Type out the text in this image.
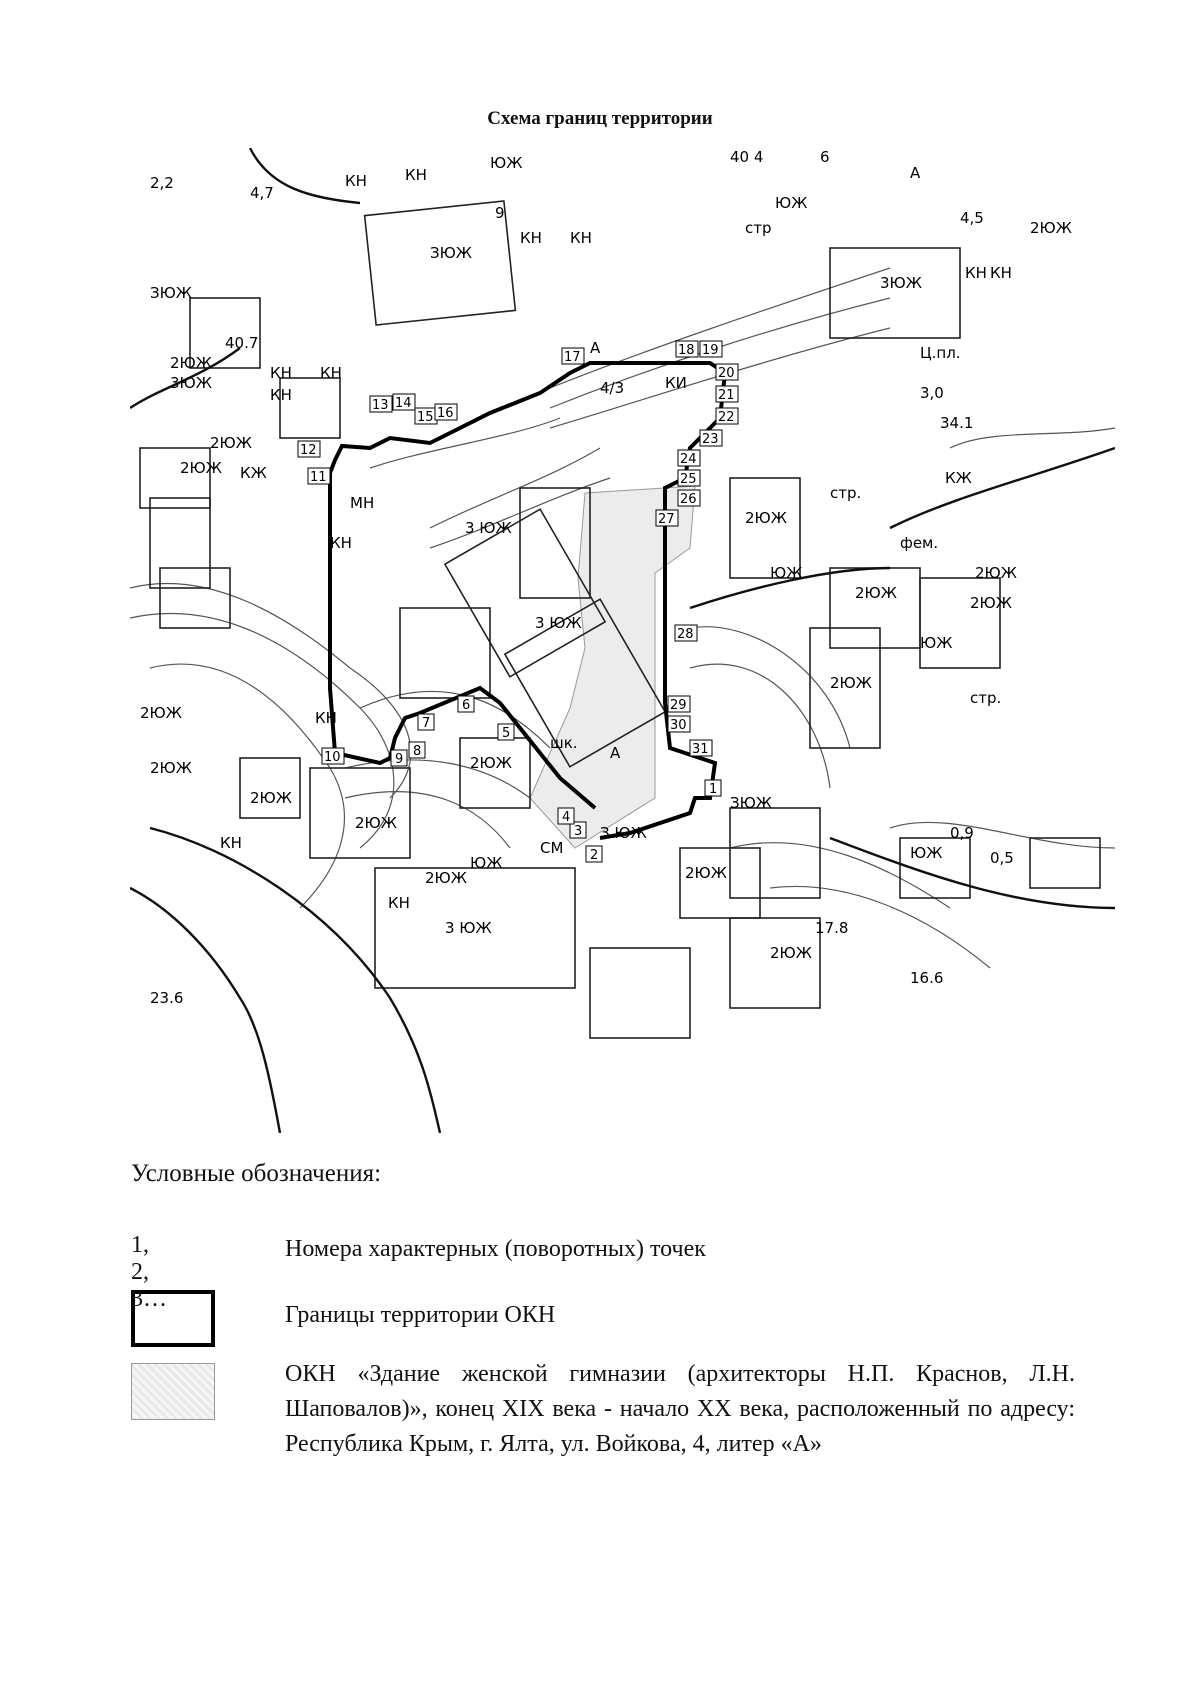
Схема границ территории
1
2
3
4
5
6
7
8
9
10
11
12
13 14
15 16
17	18 19
20
21
22
23
24
25
26
27
28
29
30
31
2,2
4,7
КН	КН
ЮЖ
ЗЮЖ
КН
9
КН
стр
ЮЖ
40 4	6
А
4,5
2ЮЖ
3ЮЖ
КН КН
ЗЮЖ
3ЮЖ
2ЮЖ
40.7
КН
КН
КН
А
4/3	КИ
2ЮЖ
2ЮЖ КЖ
3 ЮЖ
3 ЮЖ
2ЮЖ
КЖ
стр.
фем.
2ЮЖ
2ЮЖ
2ЮЖ
ЮЖ
ЮЖ
2ЮЖ
2ЮЖ
2ЮЖ
2ЮЖ
2ЮЖ
КН
2ЮЖ
ЮЖ
3 ЮЖ
КН
СМ
З ЮЖ
2ЮЖ
ЗЮЖ
2ЮЖ
ЮЖ
Ц.пл.
3,0
34.1
стр.
шк.
А
17.8
16.6
23.6
0,5
0,9
МН
КН
КН
2ЮЖ
Условные обозначения:
1, 2, 3…
Номера характерных (поворотных) точек
Границы территории ОКН
ОКН «Здание женской гимназии (архитекторы Н.П. Краснов, Л.Н. Шаповалов)», конец XIX века - начало XX века, расположенный по адресу: Республика Крым, г. Ялта, ул. Войкова, 4, литер «А»
